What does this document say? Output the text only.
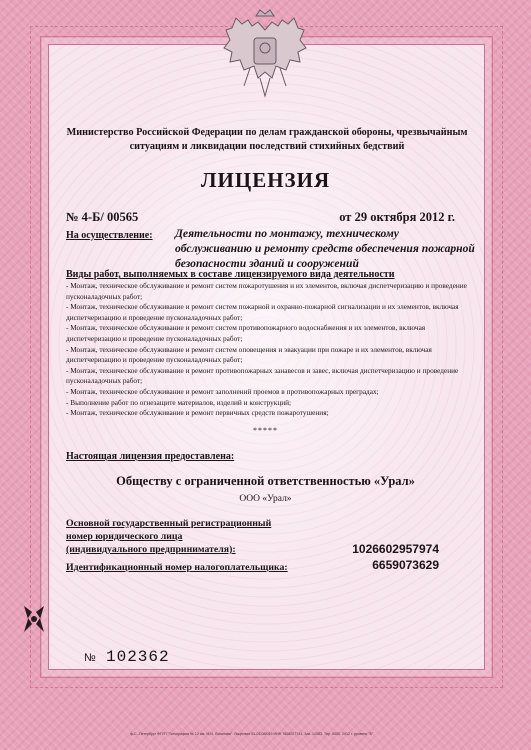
Министерство Российской Федерации по делам гражданской обороны, чрезвычайным ситуациям и ликвидации последствий стихийных бедствий
ЛИЦЕНЗИЯ
№ 4-Б/ 00565	от 29 октября 2012 г.
На осуществление: Деятельности по монтажу, техническому обслуживанию и ремонту средств обеспечения пожарной безопасности зданий и сооружений
Виды работ, выполняемых в составе лицензируемого вида деятельности
- Монтаж, техническое обслуживание и ремонт систем пожаротушения и их элементов, включая диспетчеризацию и проведение пусконаладочных работ;
- Монтаж, техническое обслуживание и ремонт систем пожарной и охранно-пожарной сигнализации и их элементов, включая диспетчеризацию и проведение пусконаладочных работ;
- Монтаж, техническое обслуживание и ремонт систем противопожарного водоснабжения и их элементов, включая диспетчеризацию и проведение пусконаладочных работ;
- Монтаж, техническое обслуживание и ремонт систем оповещения и эвакуации при пожаре и их элементов, включая диспетчеризацию и проведение пусконаладочных работ;
- Монтаж, техническое обслуживание и ремонт противопожарных занавесов и завес, включая диспетчеризацию и проведение пусконаладочных работ;
- Монтаж, техническое обслуживание и ремонт заполнений проемов в противопожарных преградах;
- Выполнение работ по огнезащите материалов, изделий и конструкций;
- Монтаж, техническое обслуживание и ремонт первичных средств пожаротушения;
*****
Настоящая лицензия предоставлена:
Обществу с ограниченной ответственностью «Урал»
ООО «Урал»
Основной государственный регистрационный
номер юридического лица
(индивидуального предпринимателя):	1026602957974
Идентификационный номер налогоплательщика:	6659073629
№ 102362
ф-С.-Петербург ФГУП "Типография № 12 им. М.И. Лоханова". Лицензия 03-03-08/019 ИНН 7808027741. Зак. 12083. Тир. 5000. 2012 г. уровень "Б"
